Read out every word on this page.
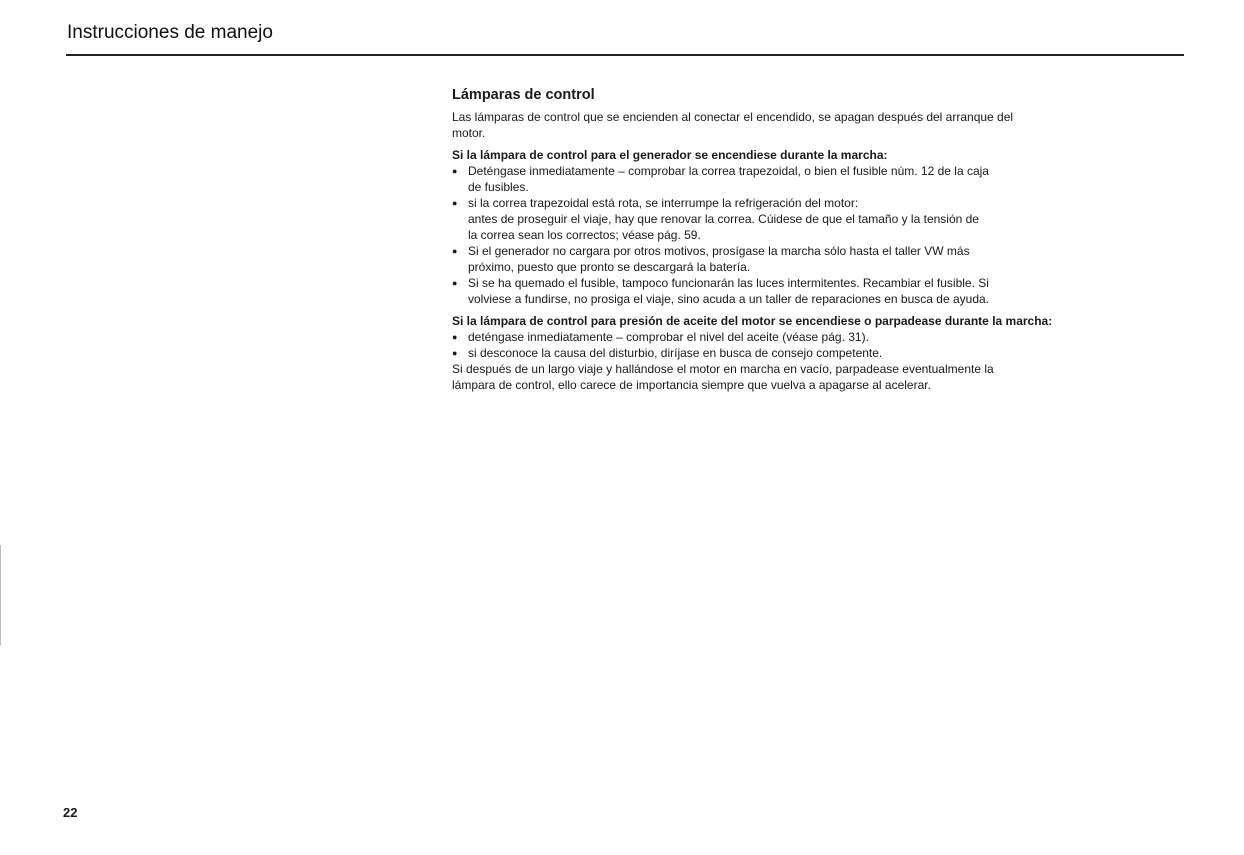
Instrucciones de manejo
Lámparas de control

Las lámparas de control que se encienden al conectar el encendido, se apagan después del arranque del
motor.

Si la lámpara de control para el generador se encendiese durante la marcha:

● Deténgase inmediatamente – comprobar la correa trapezoidal, o bien el fusible núm. 12 de la caja
de fusibles.
● si la correa trapezoidal está rota, se interrumpe la refrigeración del motor:
antes de proseguir el viaje, hay que renovar la correa. Cúidese de que el tamaño y la tensión de
la correa sean los correctos; véase pág. 59.
● Si el generador no cargara por otros motivos, prosígase la marcha sólo hasta el taller VW más
próximo, puesto que pronto se descargará la batería.
● Si se ha quemado el fusible, tampoco funcionarán las luces intermitentes. Recambiar el fusible. Si
volviese a fundirse, no prosiga el viaje, sino acuda a un taller de reparaciones en busca de ayuda.

Si la lámpara de control para presión de aceite del motor se encendiese o parpadease durante la marcha:

● deténgase inmediatamente – comprobar el nivel del aceite (véase pág. 31).
● si desconoce la causa del disturbio, diríjase en busca de consejo competente.

Si después de un largo viaje y hallándose el motor en marcha en vacío, parpadease eventualmente la
lámpara de control, ello carece de importancia siempre que vuelva a apagarse al acelerar.

22
